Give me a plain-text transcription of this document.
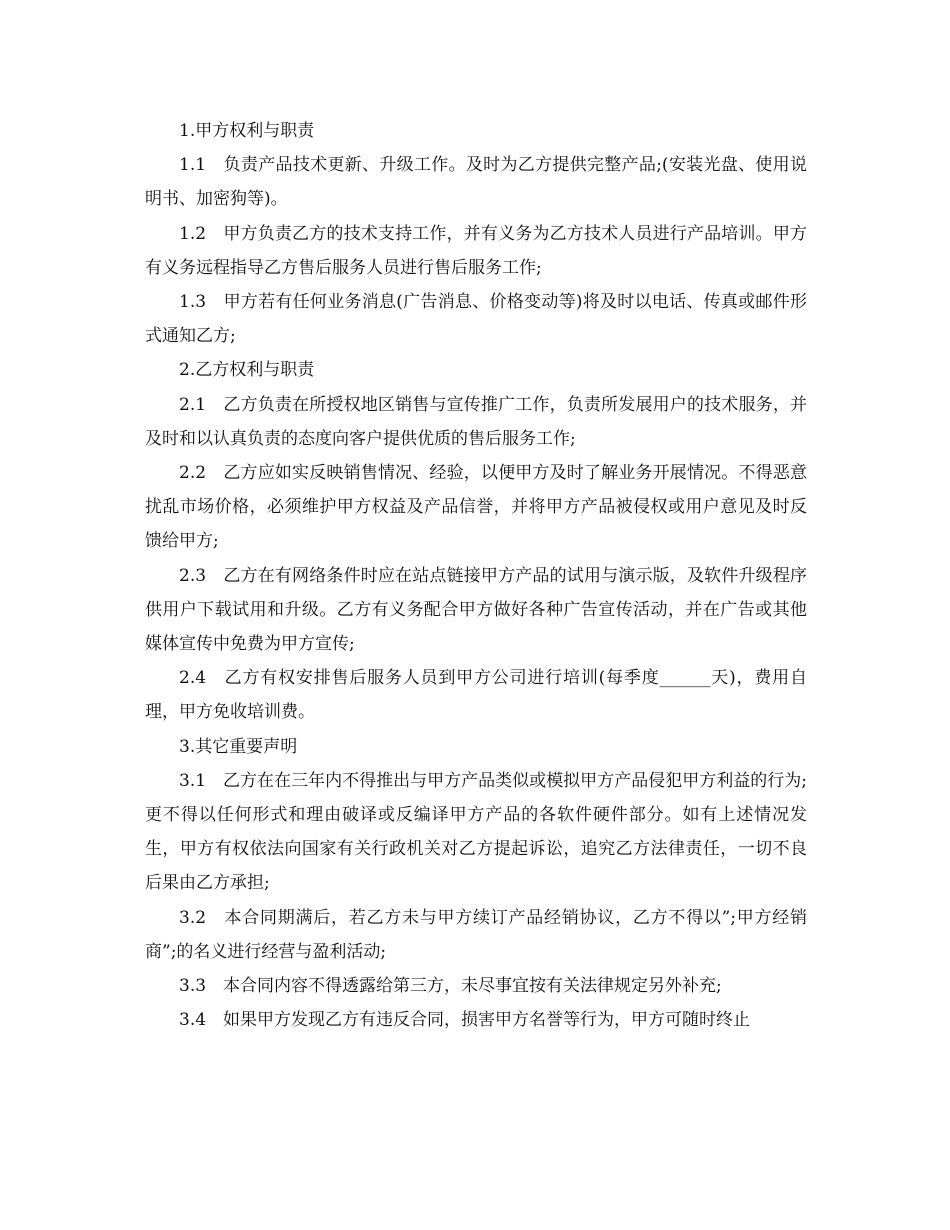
1.甲方权利与职责

1.1　负责产品技术更新、升级工作。及时为乙方提供完整产品;(安装光盘、使用说明书、加密狗等)。

1.2　甲方负责乙方的技术支持工作，并有义务为乙方技术人员进行产品培训。甲方有义务远程指导乙方售后服务人员进行售后服务工作;

1.3　甲方若有任何业务消息(广告消息、价格变动等)将及时以电话、传真或邮件形式通知乙方;

2.乙方权利与职责

2.1　乙方负责在所授权地区销售与宣传推广工作，负责所发展用户的技术服务，并及时和以认真负责的态度向客户提供优质的售后服务工作;

2.2　乙方应如实反映销售情况、经验，以便甲方及时了解业务开展情况。不得恶意扰乱市场价格，必须维护甲方权益及产品信誉，并将甲方产品被侵权或用户意见及时反馈给甲方;

2.3　乙方在有网络条件时应在站点链接甲方产品的试用与演示版，及软件升级程序供用户下载试用和升级。乙方有义务配合甲方做好各种广告宣传活动，并在广告或其他媒体宣传中免费为甲方宣传;

2.4　乙方有权安排售后服务人员到甲方公司进行培训(每季度______天)，费用自理，甲方免收培训费。

3.其它重要声明

3.1　乙方在在三年内不得推出与甲方产品类似或模拟甲方产品侵犯甲方利益的行为;更不得以任何形式和理由破译或反编译甲方产品的各软件硬件部分。如有上述情况发生，甲方有权依法向国家有关行政机关对乙方提起诉讼，追究乙方法律责任，一切不良后果由乙方承担;

3.2　本合同期满后，若乙方未与甲方续订产品经销协议，乙方不得以”;甲方经销商”;的名义进行经营与盈利活动;

3.3　本合同内容不得透露给第三方，未尽事宜按有关法律规定另外补充;

3.4　如果甲方发现乙方有违反合同，损害甲方名誉等行为，甲方可随时终止
